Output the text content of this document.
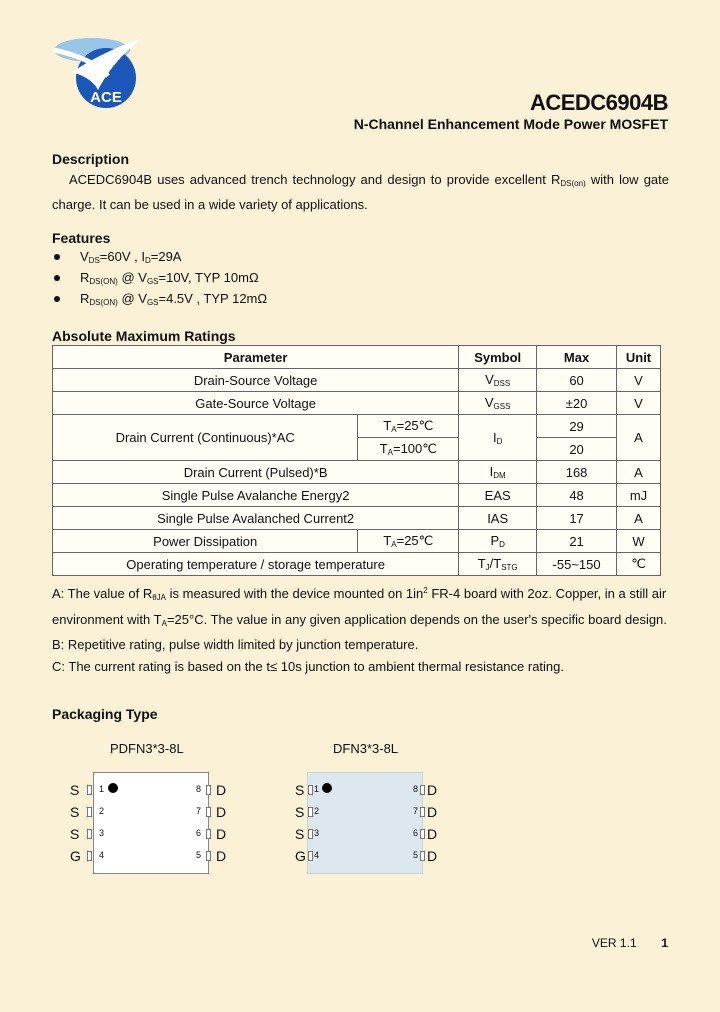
ACE	ACEDC6904B
N-Channel Enhancement Mode Power MOSFET
Description
ACEDC6904B uses advanced trench technology and design to provide excellent $R_{DS(on)}$ with low gate charge. It can be used in a wide variety of applications.
Features
$V_{DS}=60V$ , $I_D=29A$
$R_{DS(ON)}$ @ $V_{GS}=10V$, TYP 10mΩ
$R_{DS(ON)}$ @ $V_{GS}=4.5V$ , TYP 12mΩ
Absolute Maximum Ratings
Parameter		Symbol	Max	Unit
Drain-Source Voltage		$V_{DSS}$	60	V
Gate-Source Voltage		$V_{GSS}$	±20	V
Drain Current (Continuous)*AC	$T_A=25℃$	$I_D$	29	A
	$T_A=100℃$		20	
Drain Current (Pulsed)*B		$I_{DM}$	168	A
Single Pulse Avalanche Energy2		EAS	48	mJ
Single Pulse Avalanched Current2		IAS	17	A
Power Dissipation	$T_A=25℃$	$P_D$	21	W
Operating temperature / storage temperature		$T_J/T_{STG}$	-55~150	℃

A: The value of $R_{\theta JA}$ is measured with the device mounted on $1in^2$ FR-4 board with 2oz. Copper, in a still air environment with $T_A=25^\circ C$. The value in any given application depends on the user's specific board design.

B: Repetitive rating, pulse width limited by junction temperature.

C: The current rating is based on the t≤ 10s junction to ambient thermal resistance rating.

Packaging Type
PDFN3*3-8L	DFN3*3-8L
S 1
S 2
S 3
G 4
8 D
7 D
6 D
5 D
S 1
S 2
S 3
G 4
8 D
7 D
6 D
5 D
VER 1.1 1
